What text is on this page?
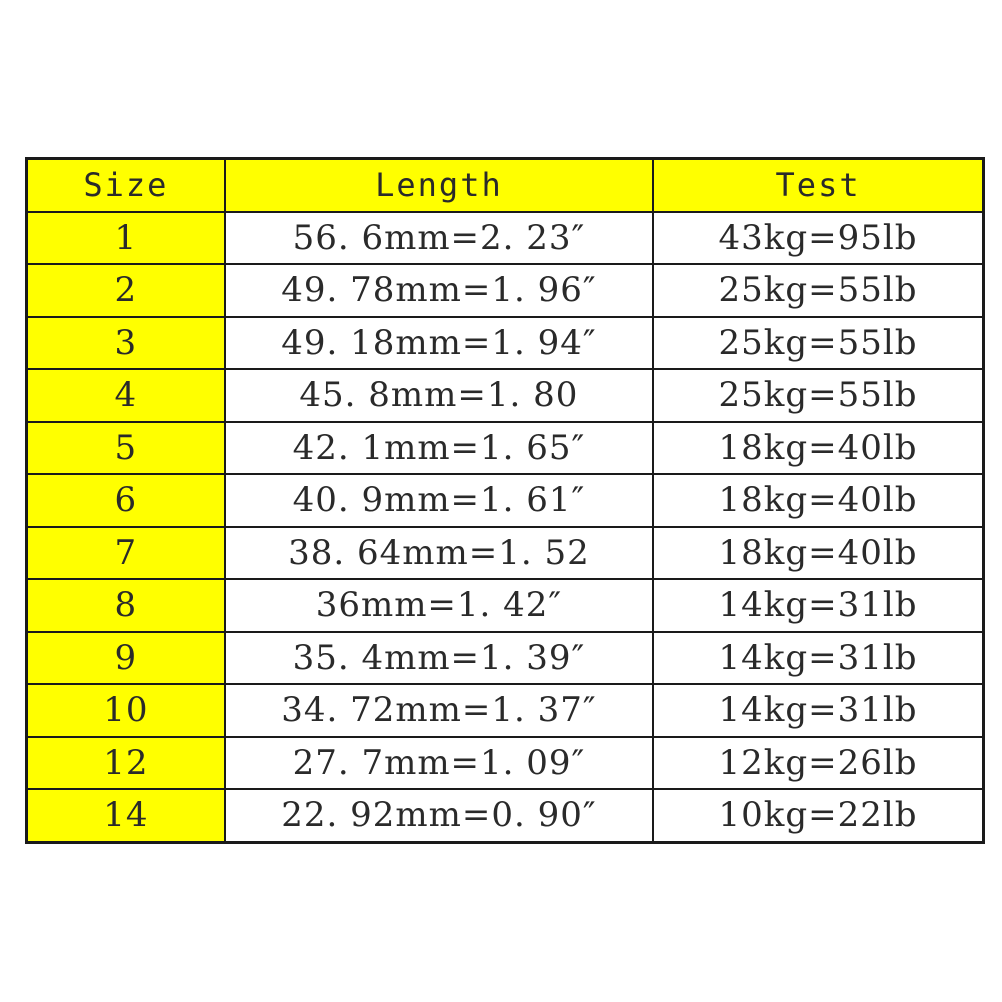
Size	Length	Test
1	56. 6mm=2. 23″	43kg=95lb
2	49. 78mm=1. 96″	25kg=55lb
3	49. 18mm=1. 94″	25kg=55lb
4	45. 8mm=1. 80	25kg=55lb
5	42. 1mm=1. 65″	18kg=40lb
6	40. 9mm=1. 61″	18kg=40lb
7	38. 64mm=1. 52	18kg=40lb
8	36mm=1. 42″	14kg=31lb
9	35. 4mm=1. 39″	14kg=31lb
10	34. 72mm=1. 37″	14kg=31lb
12	27. 7mm=1. 09″	12kg=26lb
14	22. 92mm=0. 90″	10kg=22lb
